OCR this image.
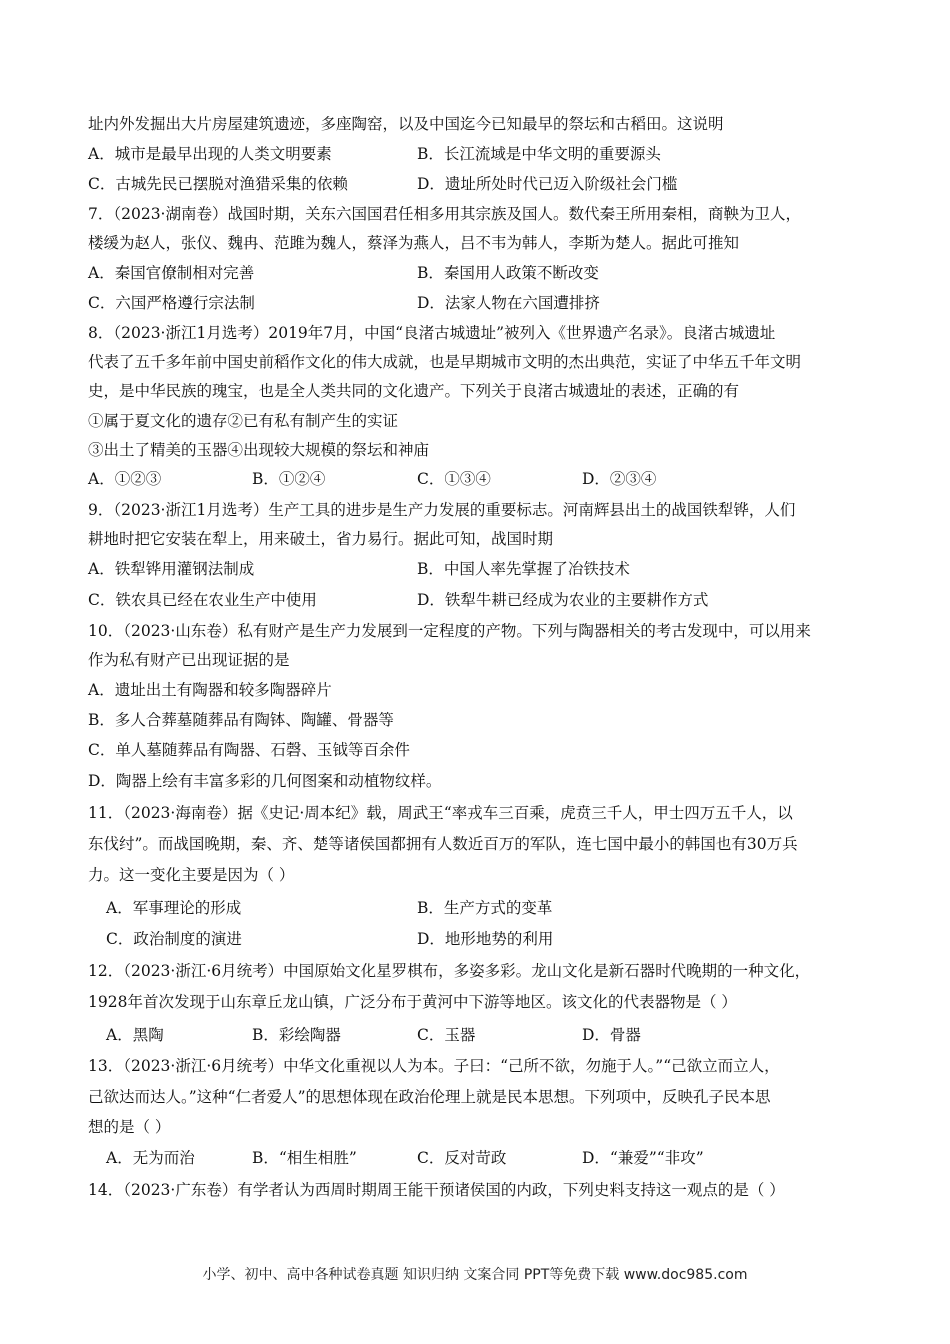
址内外发掘出大片房屋建筑遗迹，多座陶窑，以及中国迄今已知最早的祭坛和古稻田。这说明
A．城市是最早出现的人类文明要素	B．长江流域是中华文明的重要源头
C．古城先民已摆脱对渔猎采集的依赖	D．遗址所处时代已迈入阶级社会门槛
7．（2023·湖南卷）战国时期，关东六国国君任相多用其宗族及国人。数代秦王所用秦相，商鞅为卫人，
楼缓为赵人，张仪、魏冉、范雎为魏人，蔡泽为燕人，吕不韦为韩人，李斯为楚人。据此可推知
A．秦国官僚制相对完善	B．秦国用人政策不断改变
C．六国严格遵行宗法制	D．法家人物在六国遭排挤
8．（2023·浙江1月选考）2019年7月，中国“良渚古城遗址”被列入《世界遗产名录》。良渚古城遗址
代表了五千多年前中国史前稻作文化的伟大成就，也是早期城市文明的杰出典范，实证了中华五千年文明
史，是中华民族的瑰宝，也是全人类共同的文化遗产。下列关于良渚古城遗址的表述，正确的有
①属于夏文化的遗存②已有私有制产生的实证
③出土了精美的玉器④出现较大规模的祭坛和神庙
A．①②③	B．①②④	C．①③④	D．②③④
9．（2023·浙江1月选考）生产工具的进步是生产力发展的重要标志。河南辉县出土的战国铁犁铧，人们
耕地时把它安装在犁上，用来破土，省力易行。据此可知，战国时期
A．铁犁铧用灌钢法制成	B．中国人率先掌握了冶铁技术
C．铁农具已经在农业生产中使用	D．铁犁牛耕已经成为农业的主要耕作方式
10．（2023·山东卷）私有财产是生产力发展到一定程度的产物。下列与陶器相关的考古发现中，可以用来
作为私有财产已出现证据的是
A．遗址出土有陶器和较多陶器碎片
B．多人合葬墓随葬品有陶钵、陶罐、骨器等
C．单人墓随葬品有陶器、石磬、玉钺等百余件
D．陶器上绘有丰富多彩的几何图案和动植物纹样。
11．（2023·海南卷）据《史记·周本纪》载，周武王“率戎车三百乘，虎贲三千人，甲士四万五千人，以
东伐纣”。而战国晚期，秦、齐、楚等诸侯国都拥有人数近百万的军队，连七国中最小的韩国也有30万兵
力。这一变化主要是因为（ ）
A．军事理论的形成	B．生产方式的变革
C．政治制度的演进	D．地形地势的利用
12．（2023·浙江·6月统考）中国原始文化星罗棋布，多姿多彩。龙山文化是新石器时代晚期的一种文化，
1928年首次发现于山东章丘龙山镇，广泛分布于黄河中下游等地区。该文化的代表器物是（ ）
A．黑陶	B．彩绘陶器	C．玉器	D．骨器
13．（2023·浙江·6月统考）中华文化重视以人为本。子曰：“己所不欲，勿施于人。”“己欲立而立人，
己欲达而达人。”这种“仁者爱人”的思想体现在政治伦理上就是民本思想。下列项中，反映孔子民本思
想的是（ ）
A．无为而治	B．“相生相胜”	C．反对苛政	D．“兼爱”“非攻”
14．（2023·广东卷）有学者认为西周时期周王能干预诸侯国的内政，下列史料支持这一观点的是（ ）
小学、初中、高中各种试卷真题 知识归纳 文案合同 PPT等免费下载 www.doc985.com
